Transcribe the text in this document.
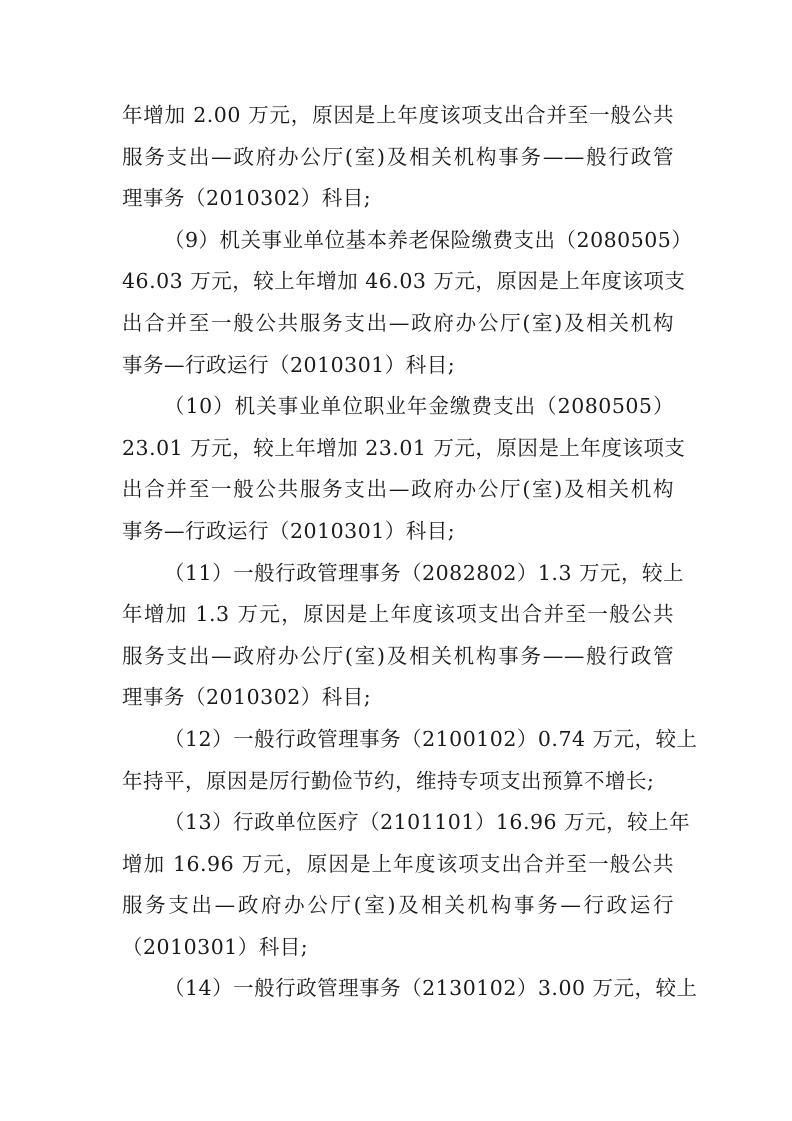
年增加 2.00 万元，原因是上年度该项支出合并至一般公共
服务支出—政府办公厅(室)及相关机构事务——般行政管
理事务（2010302）科目;
（9）机关事业单位基本养老保险缴费支出（2080505）
46.03 万元，较上年增加 46.03 万元，原因是上年度该项支
出合并至一般公共服务支出—政府办公厅(室)及相关机构
事务—行政运行（2010301）科目;
（10）机关事业单位职业年金缴费支出（2080505）
23.01 万元，较上年增加 23.01 万元，原因是上年度该项支
出合并至一般公共服务支出—政府办公厅(室)及相关机构
事务—行政运行（2010301）科目;
（11）一般行政管理事务（2082802）1.3 万元，较上
年增加 1.3 万元，原因是上年度该项支出合并至一般公共
服务支出—政府办公厅(室)及相关机构事务——般行政管
理事务（2010302）科目;
（12）一般行政管理事务（2100102）0.74 万元，较上
年持平，原因是厉行勤俭节约，维持专项支出预算不增长;
（13）行政单位医疗（2101101）16.96 万元，较上年
增加 16.96 万元，原因是上年度该项支出合并至一般公共
服务支出—政府办公厅(室)及相关机构事务—行政运行
（2010301）科目;
（14）一般行政管理事务（2130102）3.00 万元，较上
